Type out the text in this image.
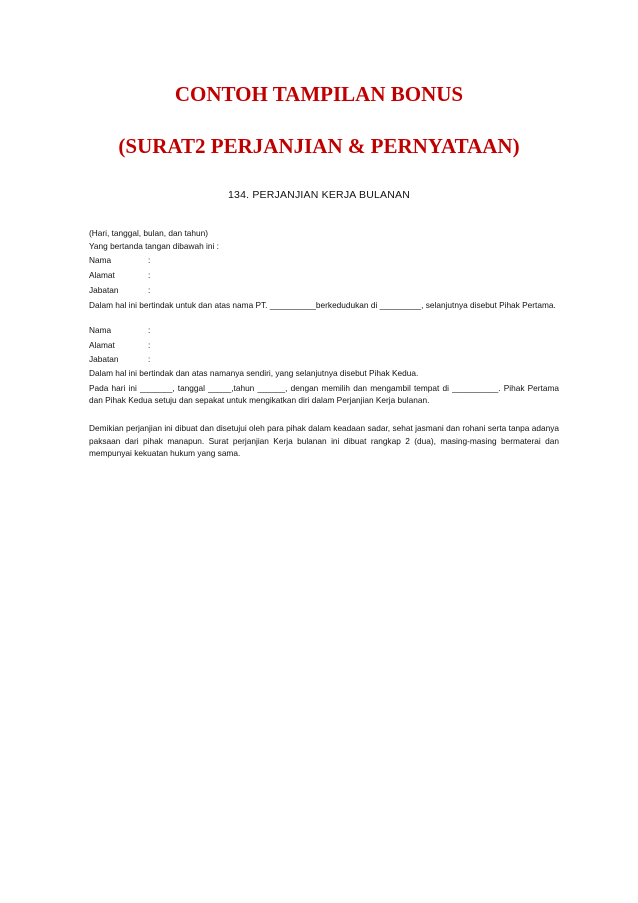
CONTOH TAMPILAN BONUS
(SURAT2 PERJANJIAN & PERNYATAAN)
134. PERJANJIAN KERJA BULANAN
(Hari, tanggal, bulan, dan tahun)
Yang bertanda tangan dibawah ini :
Nama	:
Alamat	:
Jabatan	:
Dalam hal ini bertindak untuk dan atas nama PT. __________berkedudukan di _________, selanjutnya disebut Pihak Pertama.
Nama	:
Alamat	:
Jabatan	:
Dalam hal ini bertindak dan atas namanya sendiri, yang selanjutnya disebut Pihak Kedua.
Pada hari ini _______, tanggal _____,tahun ______, dengan memilih dan mengambil tempat di __________. Pihak Pertama dan Pihak Kedua setuju dan sepakat untuk mengikatkan diri dalam Perjanjian Kerja bulanan.
Demikian perjanjian ini dibuat dan disetujui oleh para pihak dalam keadaan sadar, sehat jasmani dan rohani serta tanpa adanya paksaan dari pihak manapun. Surat perjanjian Kerja bulanan ini dibuat rangkap 2 (dua), masing-masing bermaterai dan mempunyai kekuatan hukum yang sama.
